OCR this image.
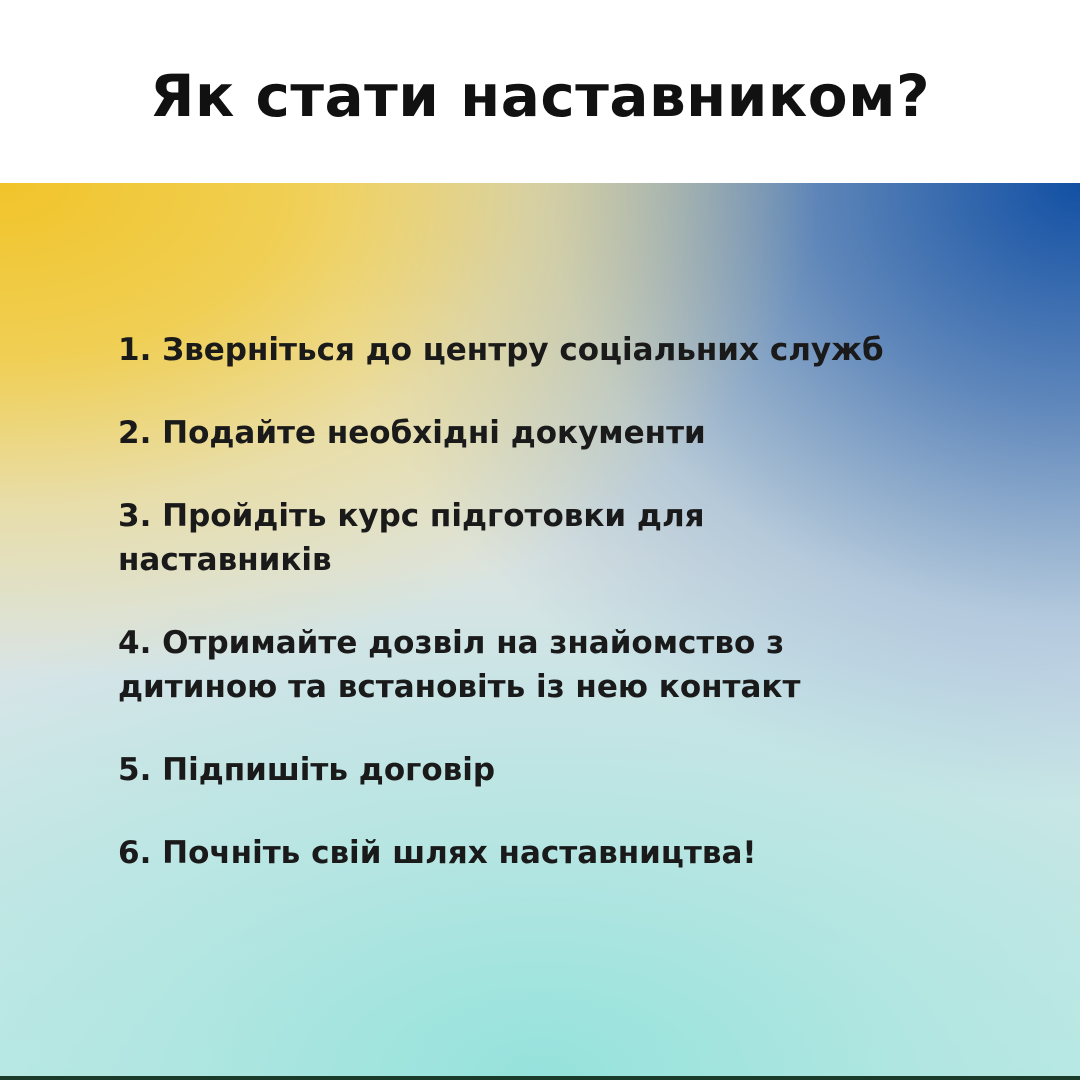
Як стати наставником?
1. Зверніться до центру соціальних служб
2. Подайте необхідні документи
3. Пройдіть курс підготовки для наставників
4. Отримайте дозвіл на знайомство з дитиною та встановіть із нею контакт
5. Підпишіть договір
6. Почніть свій шлях наставництва!
